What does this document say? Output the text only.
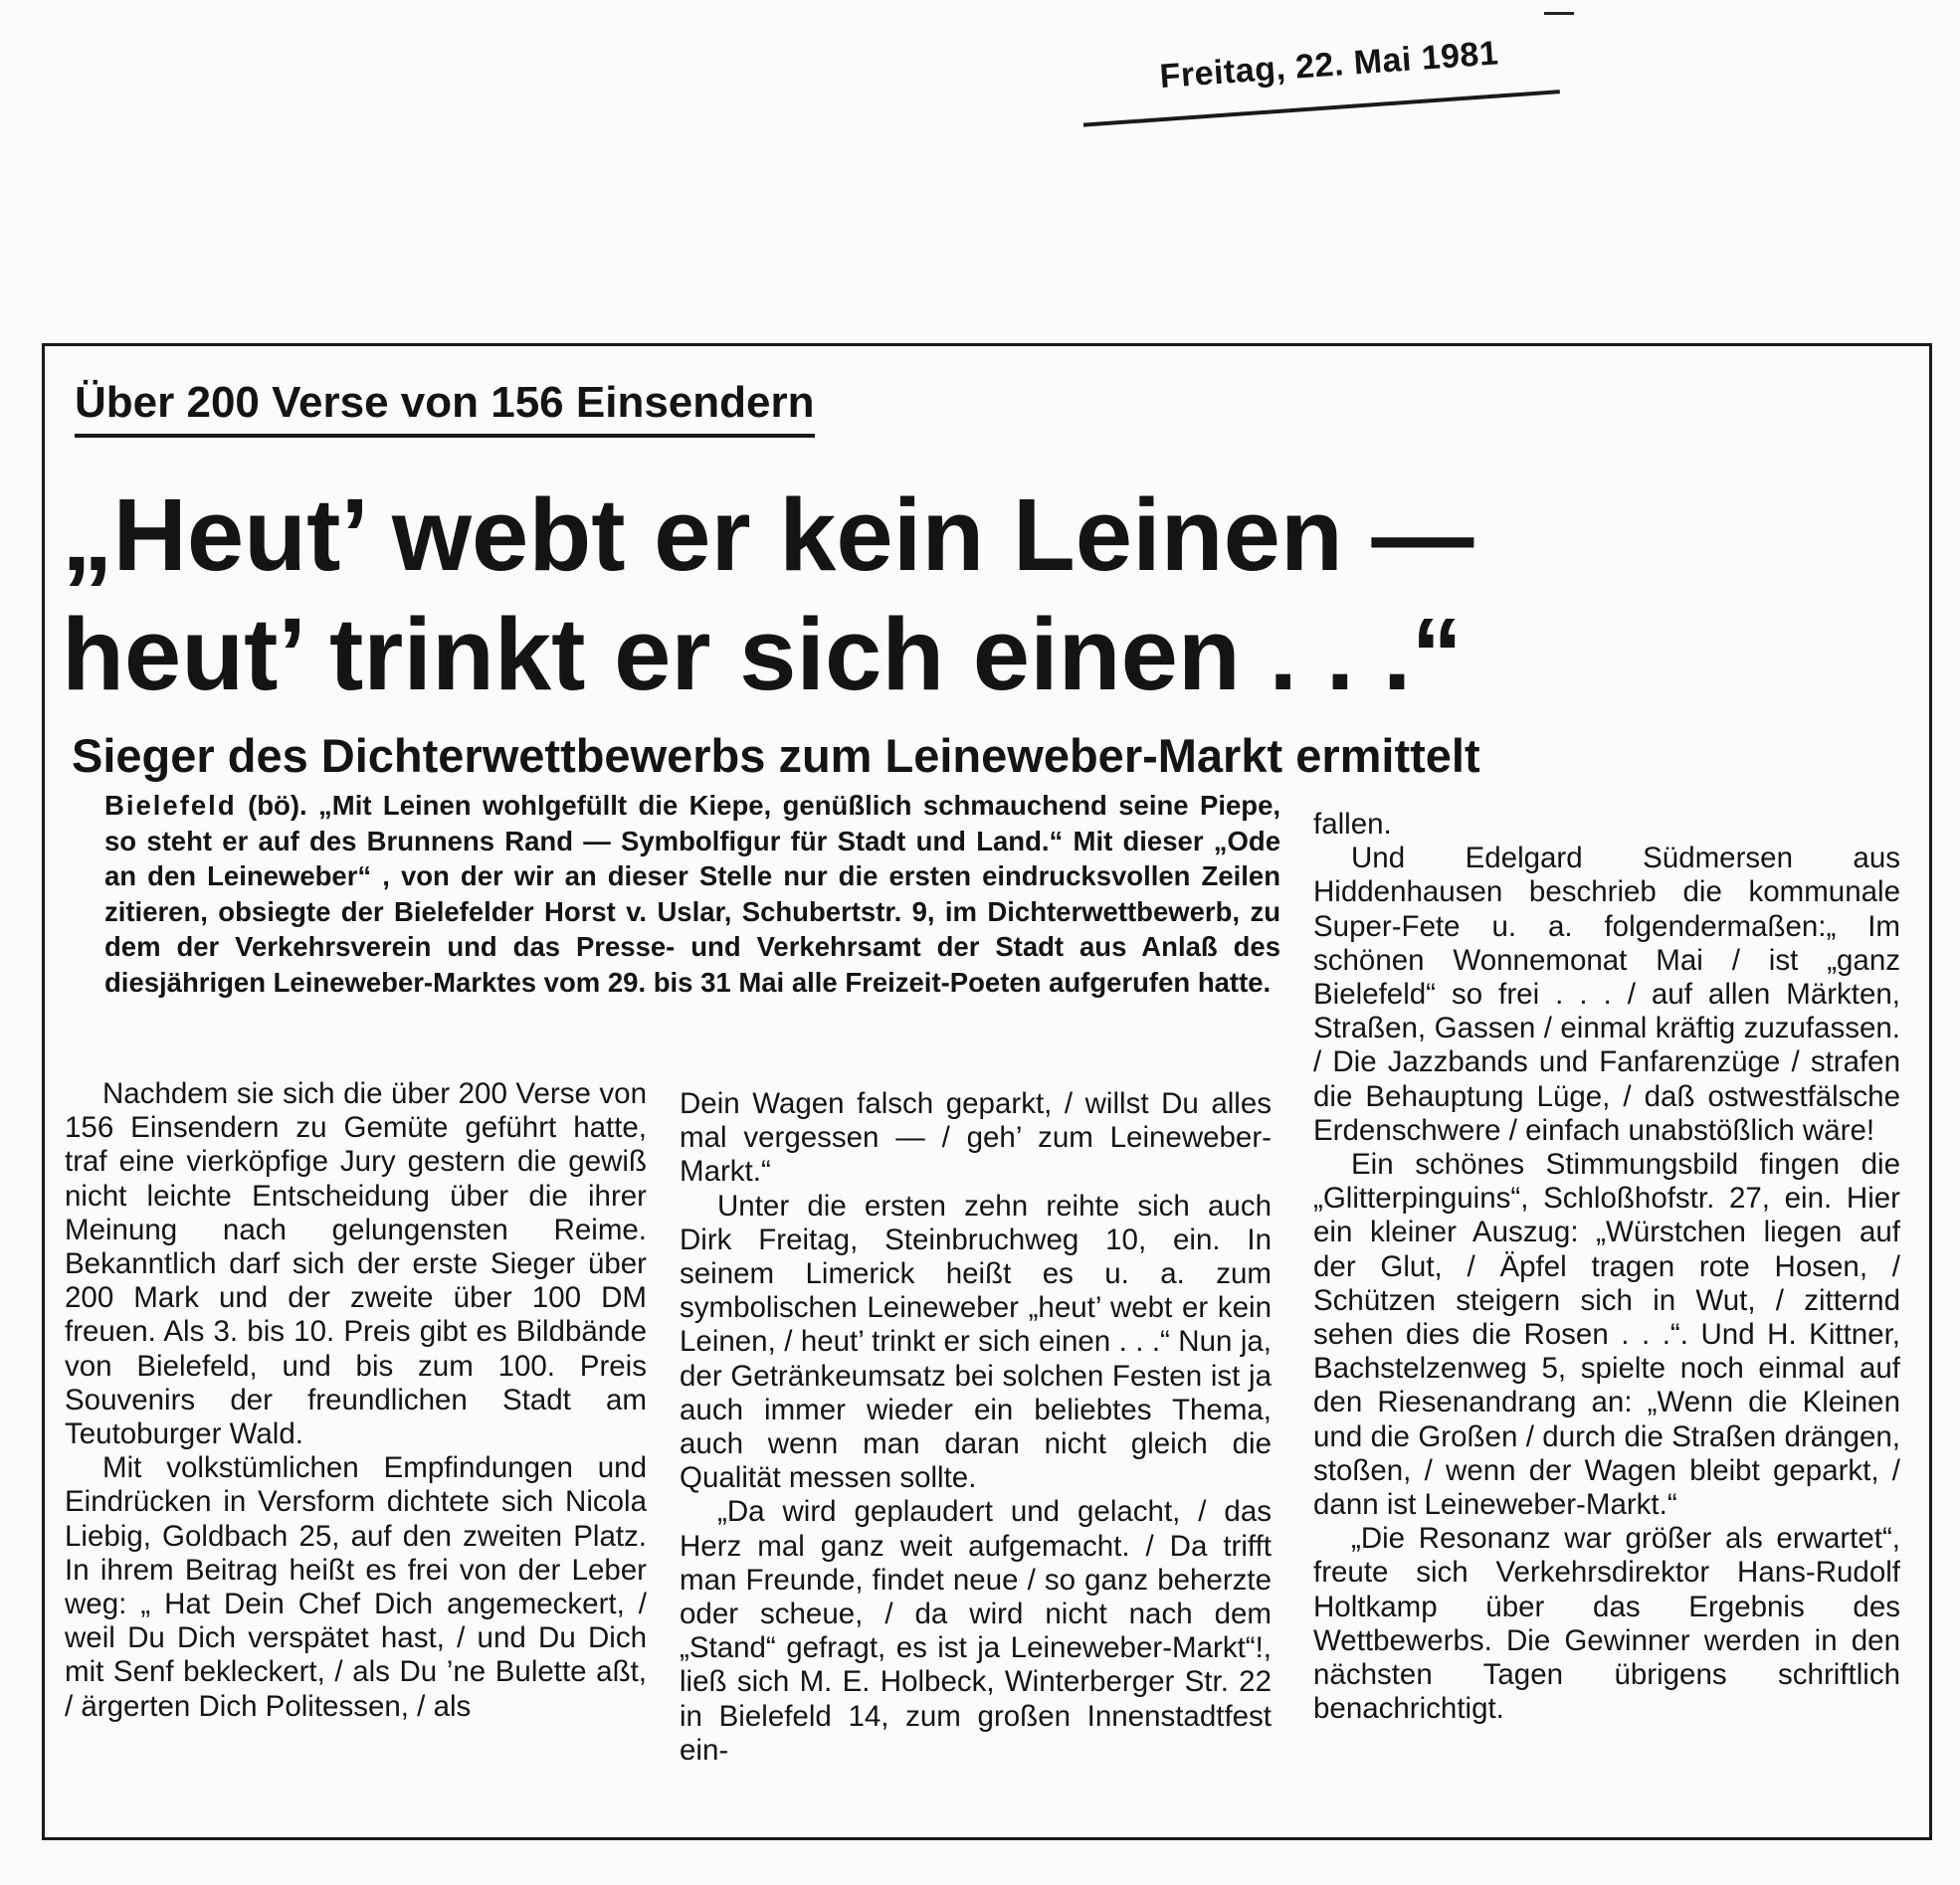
Freitag, 22. Mai 1981
Über 200 Verse von 156 Einsendern
„Heut’ webt er kein Leinen —
heut’ trinkt er sich einen . . .“
Sieger des Dichterwettbewerbs zum Leineweber-Markt ermittelt
Bielefeld (bö). „Mit Leinen wohlgefüllt die Kiepe, genüßlich schmauchend seine Piepe, so steht er auf des Brunnens Rand — Symbolfigur für Stadt und Land.“ Mit dieser „Ode an den Leineweber“ , von der wir an dieser Stelle nur die ersten eindrucksvollen Zeilen zitieren, obsiegte der Bielefelder Horst v. Uslar, Schubertstr. 9, im Dichterwettbewerb, zu dem der Verkehrsverein und das Presse- und Verkehrsamt der Stadt aus Anlaß des diesjährigen Leineweber-Marktes vom 29. bis 31 Mai alle Freizeit-Poeten aufgerufen hatte.

Nachdem sie sich die über 200 Verse von 156 Einsendern zu Gemüte geführt hatte, traf eine vierköpfige Jury gestern die gewiß nicht leichte Entscheidung über die ihrer Meinung nach gelungensten Reime. Bekanntlich darf sich der erste Sieger über 200 Mark und der zweite über 100 DM freuen. Als 3. bis 10. Preis gibt es Bildbände von Bielefeld, und bis zum 100. Preis Souvenirs der freundlichen Stadt am Teutoburger Wald.

Mit volkstümlichen Empfindungen und Eindrücken in Versform dichtete sich Nicola Liebig, Goldbach 25, auf den zweiten Platz. In ihrem Beitrag heißt es frei von der Leber weg: „ Hat Dein Chef Dich angemeckert, / weil Du Dich verspätet hast, / und Du Dich mit Senf bekleckert, / als Du ’ne Bulette aßt, / ärgerten Dich Politessen, / als

Dein Wagen falsch geparkt, / willst Du alles mal vergessen — / geh’ zum Leineweber-Markt.“

Unter die ersten zehn reihte sich auch Dirk Freitag, Steinbruchweg 10, ein. In seinem Limerick heißt es u. a. zum symbolischen Leineweber „heut’ webt er kein Leinen, / heut’ trinkt er sich einen . . .“ Nun ja, der Getränkeumsatz bei solchen Festen ist ja auch immer wieder ein beliebtes Thema, auch wenn man daran nicht gleich die Qualität messen sollte.

„Da wird geplaudert und gelacht, / das Herz mal ganz weit aufgemacht. / Da trifft man Freunde, findet neue / so ganz beherzte oder scheue, / da wird nicht nach dem „Stand“ gefragt, es ist ja Leineweber-Markt“!, ließ sich M. E. Holbeck, Winterberger Str. 22 in Bielefeld 14, zum großen Innenstadtfest ein-

fallen.

Und Edelgard Südmersen aus Hiddenhausen beschrieb die kommunale Super-Fete u. a. folgendermaßen:„ Im schönen Wonnemonat Mai / ist „ganz Bielefeld“ so frei . . . / auf allen Märkten, Straßen, Gassen / einmal kräftig zuzufassen. / Die Jazzbands und Fanfarenzüge / strafen die Behauptung Lüge, / daß ostwestfälsche Erdenschwere / einfach unabstößlich wäre!

Ein schönes Stimmungsbild fingen die „Glitterpinguins“, Schloßhofstr. 27, ein. Hier ein kleiner Auszug: „Würstchen liegen auf der Glut, / Äpfel tragen rote Hosen, / Schützen steigern sich in Wut, / zitternd sehen dies die Rosen . . .“. Und H. Kittner, Bachstelzenweg 5, spielte noch einmal auf den Riesenandrang an: „Wenn die Kleinen und die Großen / durch die Straßen drängen, stoßen, / wenn der Wagen bleibt geparkt, / dann ist Leineweber-Markt.“

„Die Resonanz war größer als erwartet“, freute sich Verkehrsdirektor Hans-Rudolf Holtkamp über das Ergebnis des Wettbewerbs. Die Gewinner werden in den nächsten Tagen übrigens schriftlich benachrichtigt.
